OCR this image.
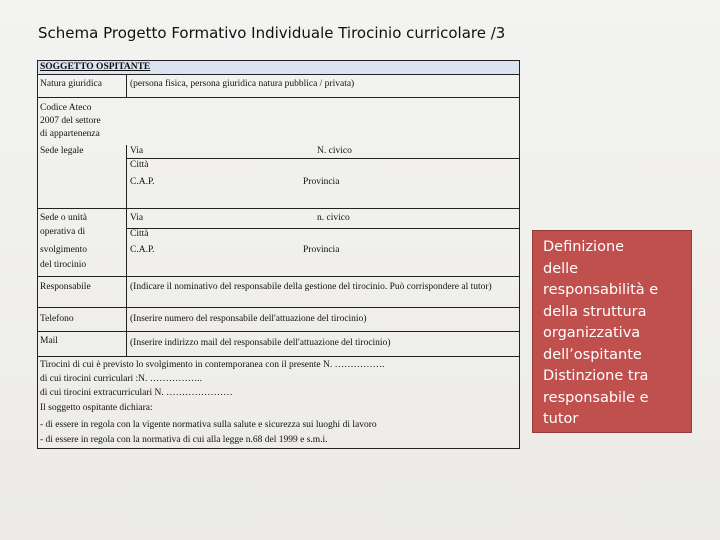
Schema Progetto Formativo Individuale Tirocinio curricolare /3
SOGGETTO OSPITANTE
Natura giuridica	(persona fisica, persona giuridica natura pubblica / privata)
Codice Ateco
2007 del settore
di appartenenza
Sede legale	Via	N. civico
Città
C.A.P.	Provincia
Sede o unità
operativa di
svolgimento
del tirocinio
Via	n. civico
Città
C.A.P.	Provincia
Responsabile	(Indicare il nominativo del responsabile della gestione del tirocinio. Può corrispondere al tutor)
Telefono	(Inserire numero del responsabile dell'attuazione del tirocinio)
Mail	(Inserire indirizzo mail del responsabile dell'attuazione del tirocinio)
Tirocini di cui è previsto lo svolgimento in contemporanea con il presente N. …………….
di cui tirocini curriculari :N. ……………..
di cui tirocini extracurriculari N. …………………
Il soggetto ospitante dichiara:
- di essere in regola con la vigente normativa sulla salute e sicurezza sui luoghi di lavoro
- di essere in regola con la normativa di cui alla legge n.68 del 1999 e s.m.i.
Definizione
delle
responsabilità e
della struttura
organizzativa
dell’ospitante
Distinzione tra
responsabile e
tutor
